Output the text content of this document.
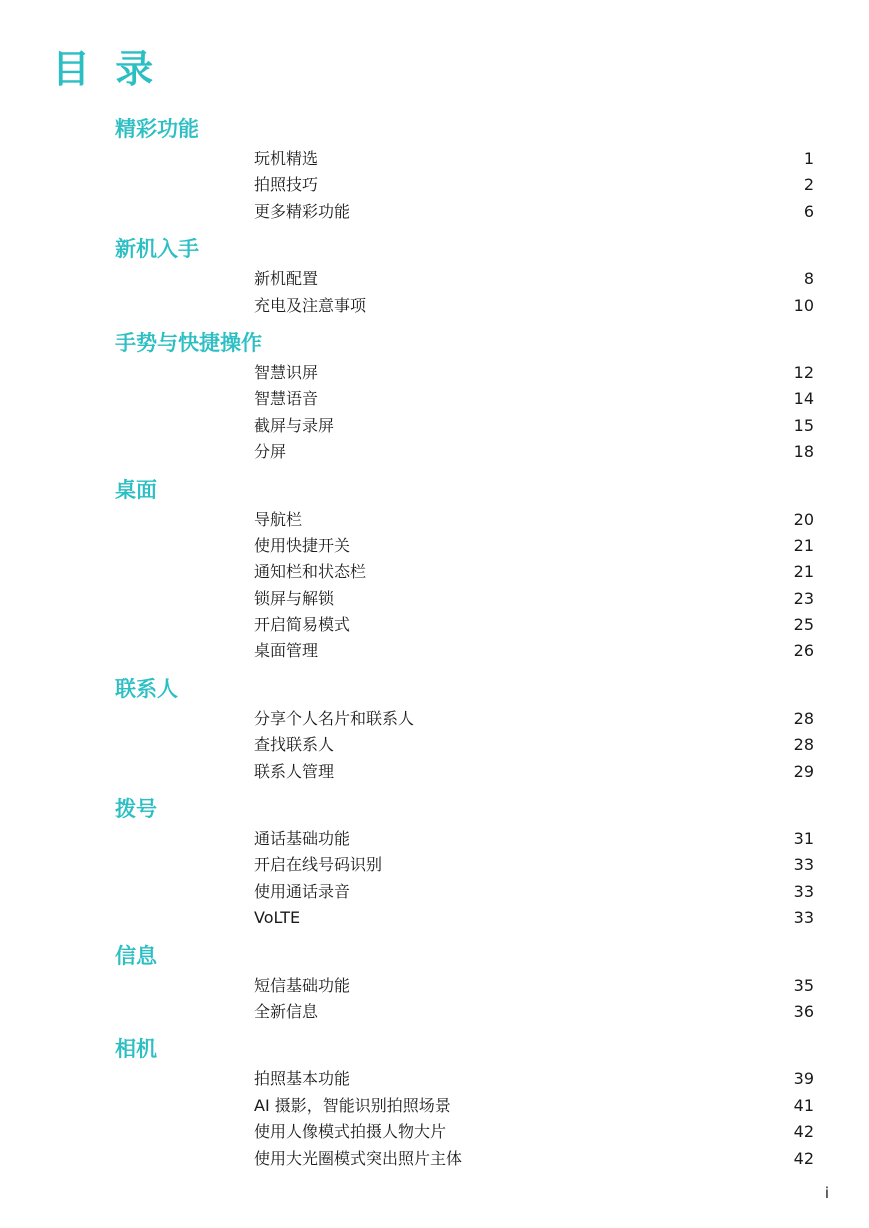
目 录
精彩功能
玩机精选	1
拍照技巧	2
更多精彩功能	6
新机入手
新机配置	8
充电及注意事项	10
手势与快捷操作
智慧识屏	12
智慧语音	14
截屏与录屏	15
分屏	18
桌面
导航栏	20
使用快捷开关	21
通知栏和状态栏	21
锁屏与解锁	23
开启简易模式	25
桌面管理	26
联系人
分享个人名片和联系人	28
查找联系人	28
联系人管理	29
拨号
通话基础功能	31
开启在线号码识别	33
使用通话录音	33
VoLTE	33
信息
短信基础功能	35
全新信息	36
相机
拍照基本功能	39
AI 摄影，智能识别拍照场景	41
使用人像模式拍摄人物大片	42
使用大光圈模式突出照片主体	42
i
